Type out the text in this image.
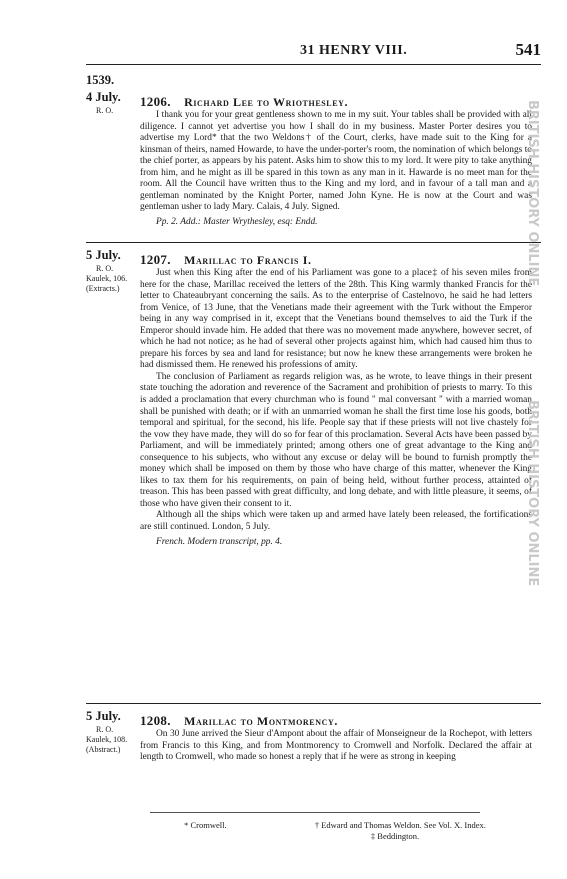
31 HENRY VIII.	541
1539.
4 July.
R. O.
1206. Richard Lee to Wriothesley.

I thank you for your great gentleness shown to me in my suit. Your tables shall be provided with all diligence. I cannot yet advertise you how I shall do in my business. Master Porter desires you to advertise my Lord* that the two Weldons† of the Court, clerks, have made suit to the King for a kinsman of theirs, named Howarde, to have the under-porter's room, the nomination of which belongs to the chief porter, as appears by his patent. Asks him to show this to my lord. It were pity to take anything from him, and he might as ill be spared in this town as any man in it. Hawarde is no meet man for the room. All the Council have written thus to the King and my lord, and in favour of a tall man and a gentleman nominated by the Knight Porter, named John Kyne. He is now at the Court and was gentleman usher to lady Mary. Calais, 4 July. Signed.

Pp. 2. Add.: Master Wrythesley, esq: Endd.

5 July.
R. O.
Kaulek, 106.
(Extracts.)
1207. Marillac to Francis I.

Just when this King after the end of his Parliament was gone to a place‡ of his seven miles from here for the chase, Marillac received the letters of the 28th. This King warmly thanked Francis for the letter to Chateaubryant concerning the sails. As to the enterprise of Castelnovo, he said he had letters from Venice, of 13 June, that the Venetians made their agreement with the Turk without the Emperor being in any way comprised in it, except that the Venetians bound themselves to aid the Turk if the Emperor should invade him. He added that there was no movement made anywhere, however secret, of which he had not notice; as he had of several other projects against him, which had caused him thus to prepare his forces by sea and land for resistance; but now he knew these arrangements were broken he had dismissed them. He renewed his professions of amity.

The conclusion of Parliament as regards religion was, as he wrote, to leave things in their present state touching the adoration and reverence of the Sacrament and prohibition of priests to marry. To this is added a proclamation that every churchman who is found " mal conversant " with a married woman shall be punished with death; or if with an unmarried woman he shall the first time lose his goods, both temporal and spiritual, for the second, his life. People say that if these priests will not live chastely for the vow they have made, they will do so for fear of this proclamation. Several Acts have been passed by Parliament, and will be immediately printed; among others one of great advantage to the King and consequence to his subjects, who without any excuse or delay will be bound to furnish promptly the money which shall be imposed on them by those who have charge of this matter, whenever the King likes to tax them for his requirements, on pain of being held, without further process, attainted of treason. This has been passed with great difficulty, and long debate, and with little pleasure, it seems, of those who have given their consent to it.

Although all the ships which were taken up and armed have lately been released, the fortifications are still continued. London, 5 July.

French. Modern transcript, pp. 4.

5 July.
R. O.
Kaulek, 108.
(Abstract.)
1208. Marillac to Montmorency.

On 30 June arrived the Sieur d'Ampont about the affair of Monseigneur de la Rochepot, with letters from Francis to this King, and from Montmorency to Cromwell and Norfolk. Declared the affair at length to Cromwell, who made so honest a reply that if he were as strong in keeping

* Cromwell.	† Edward and Thomas Weldon. See Vol. X. Index.
‡ Beddington.
BRITISH HISTORY ONLINE
BRITISH HISTORY ONLINE
